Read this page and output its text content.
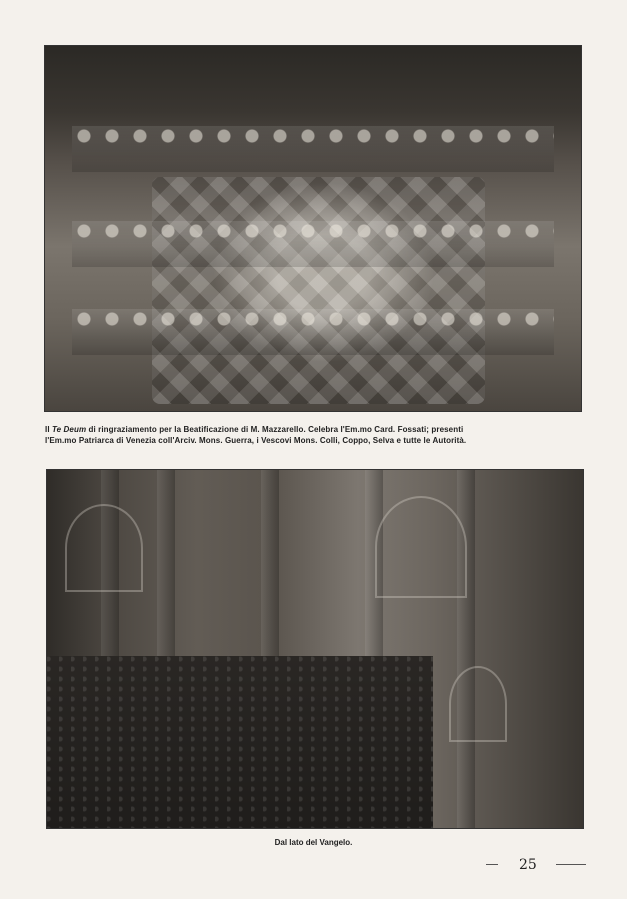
Il Te Deum di ringraziamento per la Beatificazione di M. Mazzarello. Celebra l'Em.mo Card. Fossati; presenti
l'Em.mo Patriarca di Venezia coll'Arciv. Mons. Guerra, i Vescovi Mons. Colli, Coppo, Selva e tutte le Autorità.
Dal lato del Vangelo.
25
